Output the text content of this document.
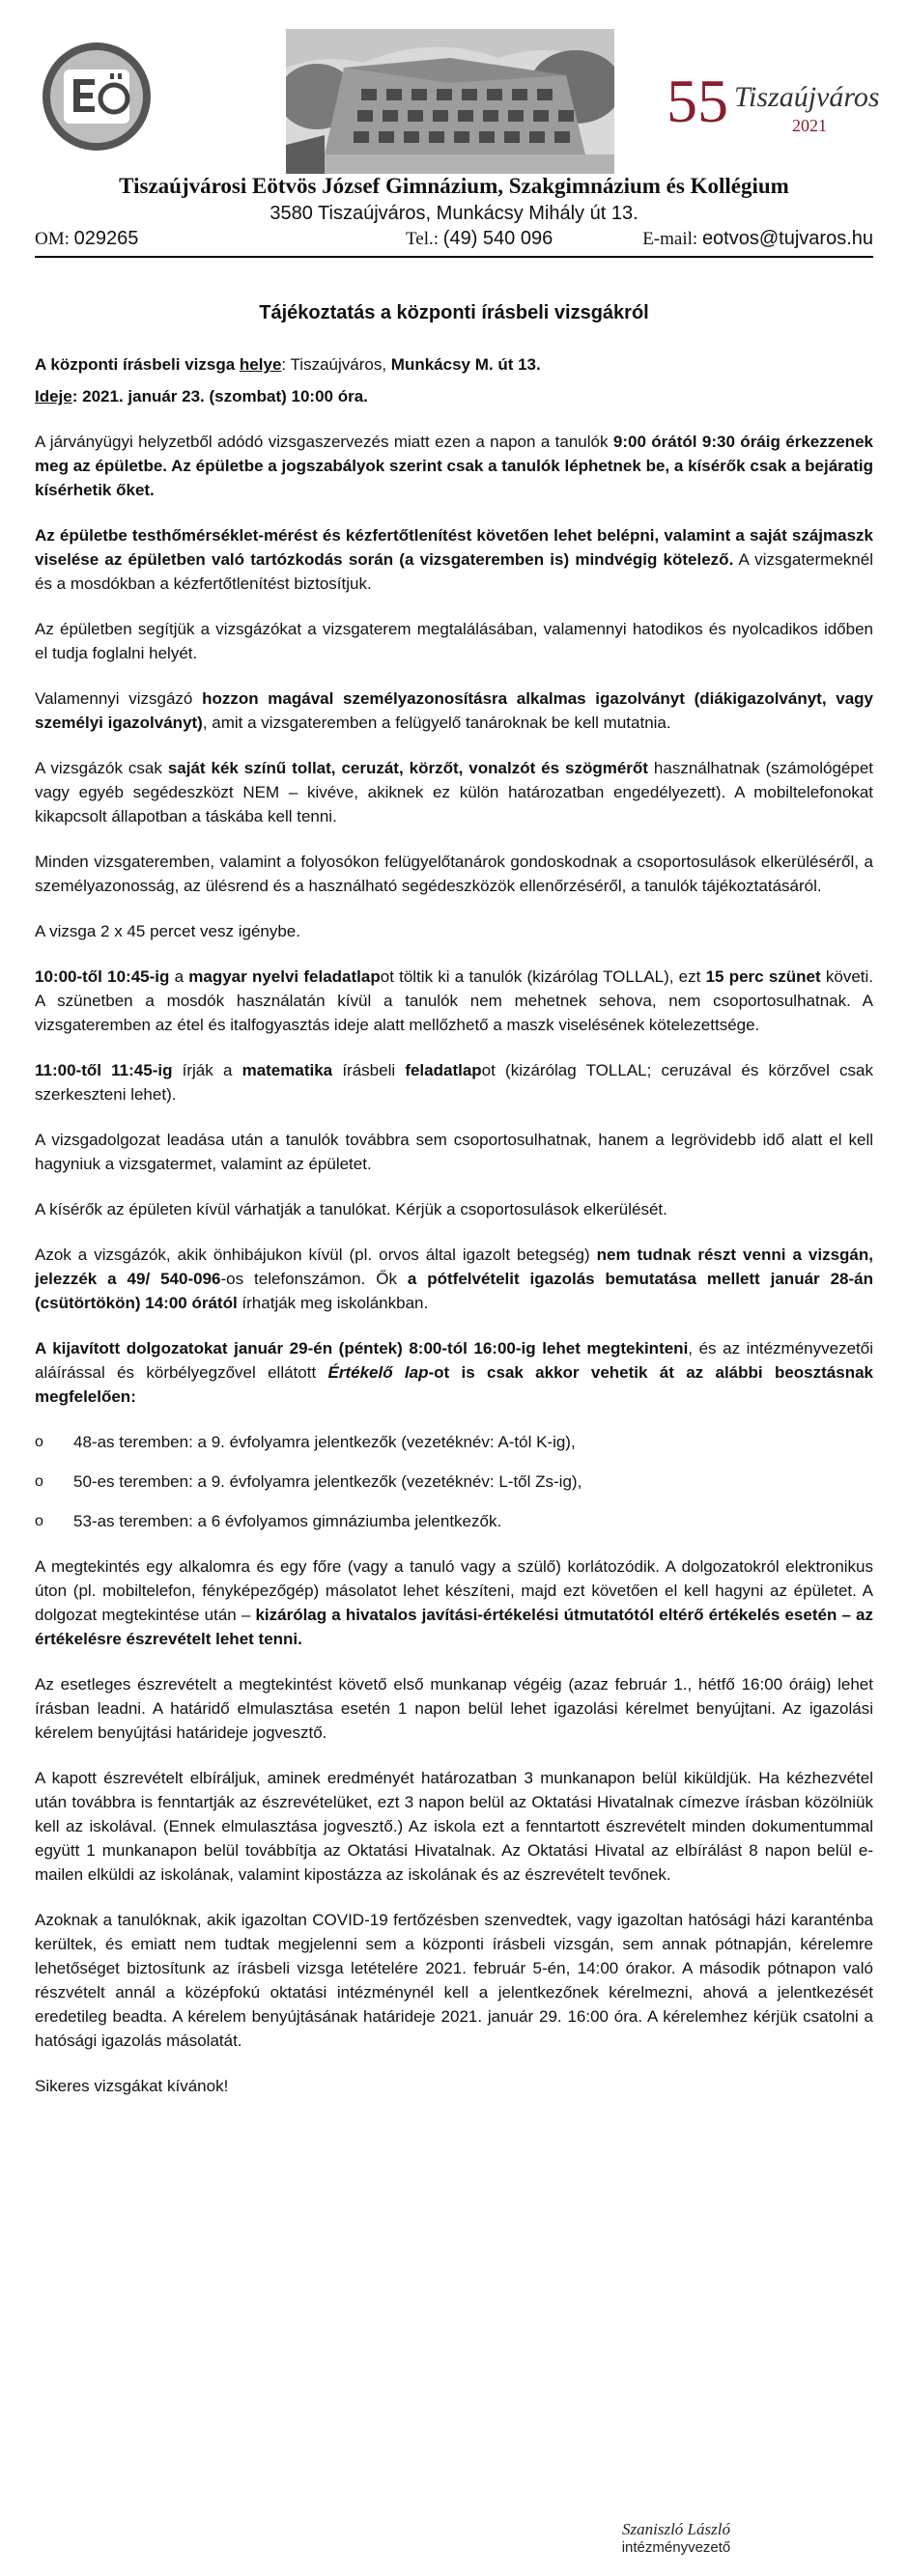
55 Tiszaújváros
2021
Tiszaújvárosi Eötvös József Gimnázium, Szakgimnázium és Kollégium
3580 Tiszaújváros, Munkácsy Mihály út 13.
OM: 029265	Tel.: (49) 540 096	E-mail: eotvos@tujvaros.hu
Tájékoztatás a központi írásbeli vizsgákról

A központi írásbeli vizsga helye: Tiszaújváros, Munkácsy M. út 13.

Ideje: 2021. január 23. (szombat) 10:00 óra.

A járványügyi helyzetből adódó vizsgaszervezés miatt ezen a napon a tanulók 9:00 órától 9:30 óráig érkezzenek meg az épületbe. Az épületbe a jogszabályok szerint csak a tanulók léphetnek be, a kísérők csak a bejáratig kísérhetik őket.

Az épületbe testhőmérséklet-mérést és kézfertőtlenítést követően lehet belépni, valamint a saját szájmaszk viselése az épületben való tartózkodás során (a vizsgateremben is) mindvégig kötelező. A vizsgatermeknél és a mosdókban a kézfertőtlenítést biztosítjuk.

Az épületben segítjük a vizsgázókat a vizsgaterem megtalálásában, valamennyi hatodikos és nyolcadikos időben el tudja foglalni helyét.

Valamennyi vizsgázó hozzon magával személyazonosításra alkalmas igazolványt (diákigazolványt, vagy személyi igazolványt), amit a vizsgateremben a felügyelő tanároknak be kell mutatnia.

A vizsgázók csak saját kék színű tollat, ceruzát, körzőt, vonalzót és szögmérőt használhatnak (számológépet vagy egyéb segédeszközt NEM – kivéve, akiknek ez külön határozatban engedélyezett). A mobiltelefonokat kikapcsolt állapotban a táskába kell tenni.

Minden vizsgateremben, valamint a folyosókon felügyelőtanárok gondoskodnak a csoportosulások elkerüléséről, a személyazonosság, az ülésrend és a használható segédeszközök ellenőrzéséről, a tanulók tájékoztatásáról.

A vizsga 2 x 45 percet vesz igénybe.

10:00-től 10:45-ig a magyar nyelvi feladatlapot töltik ki a tanulók (kizárólag TOLLAL), ezt 15 perc szünet követi. A szünetben a mosdók használatán kívül a tanulók nem mehetnek sehova, nem csoportosulhatnak. A vizsgateremben az étel és italfogyasztás ideje alatt mellőzhető a maszk viselésének kötelezettsége.

11:00-től 11:45-ig írják a matematika írásbeli feladatlapot (kizárólag TOLLAL; ceruzával és körzővel csak szerkeszteni lehet).

A vizsgadolgozat leadása után a tanulók továbbra sem csoportosulhatnak, hanem a legrövidebb idő alatt el kell hagyniuk a vizsgatermet, valamint az épületet.

A kísérők az épületen kívül várhatják a tanulókat. Kérjük a csoportosulások elkerülését.

Azok a vizsgázók, akik önhibájukon kívül (pl. orvos által igazolt betegség) nem tudnak részt venni a vizsgán, jelezzék a 49/ 540-096-os telefonszámon. Ők a pótfelvételit igazolás bemutatása mellett január 28-án (csütörtökön) 14:00 órától írhatják meg iskolánkban.

A kijavított dolgozatokat január 29-én (péntek) 8:00-tól 16:00-ig lehet megtekinteni, és az intézményvezetői aláírással és körbélyegzővel ellátott Értékelő lap-ot is csak akkor vehetik át az alábbi beosztásnak megfelelően:

o 48-as teremben: a 9. évfolyamra jelentkezők (vezetéknév: A-tól K-ig),
o 50-es teremben: a 9. évfolyamra jelentkezők (vezetéknév: L-től Zs-ig),
o 53-as teremben: a 6 évfolyamos gimnáziumba jelentkezők.

A megtekintés egy alkalomra és egy főre (vagy a tanuló vagy a szülő) korlátozódik. A dolgozatokról elektronikus úton (pl. mobiltelefon, fényképezőgép) másolatot lehet készíteni, majd ezt követően el kell hagyni az épületet. A dolgozat megtekintése után – kizárólag a hivatalos javítási-értékelési útmutatótól eltérő értékelés esetén – az értékelésre észrevételt lehet tenni.

Az esetleges észrevételt a megtekintést követő első munkanap végéig (azaz február 1., hétfő 16:00 óráig) lehet írásban leadni. A határidő elmulasztása esetén 1 napon belül lehet igazolási kérelmet benyújtani. Az igazolási kérelem benyújtási határideje jogvesztő.

A kapott észrevételt elbíráljuk, aminek eredményét határozatban 3 munkanapon belül kiküldjük. Ha kézhezvétel után továbbra is fenntartják az észrevételüket, ezt 3 napon belül az Oktatási Hivatalnak címezve írásban közölniük kell az iskolával. (Ennek elmulasztása jogvesztő.) Az iskola ezt a fenntartott észrevételt minden dokumentummal együtt 1 munkanapon belül továbbítja az Oktatási Hivatalnak. Az Oktatási Hivatal az elbírálást 8 napon belül e-mailen elküldi az iskolának, valamint kipostázza az iskolának és az észrevételt tevőnek.

Azoknak a tanulóknak, akik igazoltan COVID-19 fertőzésben szenvedtek, vagy igazoltan hatósági házi karanténba kerültek, és emiatt nem tudtak megjelenni sem a központi írásbeli vizsgán, sem annak pótnapján, kérelemre lehetőséget biztosítunk az írásbeli vizsga letételére 2021. február 5-én, 14:00 órakor. A második pótnapon való részvételt annál a középfokú oktatási intézménynél kell a jelentkezőnek kérelmezni, ahová a jelentkezését eredetileg beadta. A kérelem benyújtásának határideje 2021. január 29. 16:00 óra. A kérelemhez kérjük csatolni a hatósági igazolás másolatát.

Sikeres vizsgákat kívánok!

Szaniszló László
intézményvezető
